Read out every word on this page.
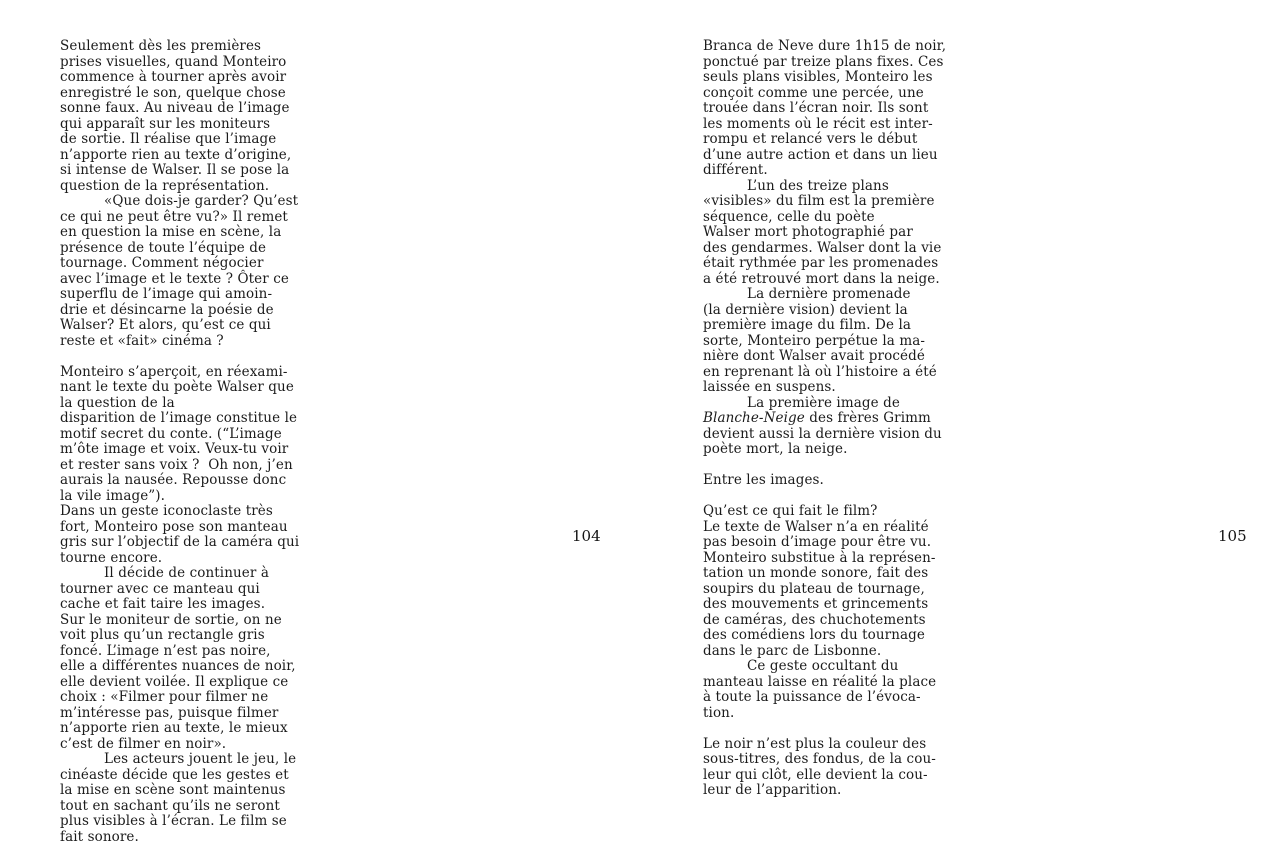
Seulement dès les premières
prises visuelles, quand Monteiro
commence à tourner après avoir
enregistré le son, quelque chose
sonne faux. Au niveau de l’image
qui apparaît sur les moniteurs
de sortie. Il réalise que l’image
n’apporte rien au texte d’origine,
si intense de Walser. Il se pose la
question de la représentation.
«Que dois-je garder? Qu’est
ce qui ne peut être vu?» Il remet
en question la mise en scène, la
présence de toute l’équipe de
tournage. Comment négocier
avec l’image et le texte ? Ôter ce
superflu de l’image qui amoin-
drie et désincarne la poésie de
Walser? Et alors, qu’est ce qui
reste et «fait» cinéma ?

Monteiro s’aperçoit, en réexami-
nant le texte du poète Walser que
la question de la
disparition de l’image constitue le
motif secret du conte. (“L’image
m’ôte image et voix. Veux-tu voir
et rester sans voix ?  Oh non, j’en
aurais la nausée. Repousse donc
la vile image”).
Dans un geste iconoclaste très
fort, Monteiro pose son manteau
gris sur l’objectif de la caméra qui
tourne encore.
Il décide de continuer à
tourner avec ce manteau qui
cache et fait taire les images.
Sur le moniteur de sortie, on ne
voit plus qu’un rectangle gris
foncé. L’image n’est pas noire,
elle a différentes nuances de noir,
elle devient voilée. Il explique ce
choix : «Filmer pour filmer ne
m’intéresse pas, puisque filmer
n’apporte rien au texte, le mieux
c’est de filmer en noir».
Les acteurs jouent le jeu, le
cinéaste décide que les gestes et
la mise en scène sont maintenus
tout en sachant qu’ils ne seront
plus visibles à l’écran. Le film se
fait sonore.
104
Branca de Neve dure 1h15 de noir,
ponctué par treize plans fixes. Ces
seuls plans visibles, Monteiro les
conçoit comme une percée, une
trouée dans l’écran noir. Ils sont
les moments où le récit est inter-
rompu et relancé vers le début
d’une autre action et dans un lieu
différent.
L’un des treize plans
«visibles» du film est la première
séquence, celle du poète
Walser mort photographié par
des gendarmes. Walser dont la vie
était rythmée par les promenades
a été retrouvé mort dans la neige.
La dernière promenade
(la dernière vision) devient la
première image du film. De la
sorte, Monteiro perpétue la ma-
nière dont Walser avait procédé
en reprenant là où l’histoire a été
laissée en suspens.
La première image de
Blanche-Neige des frères Grimm
devient aussi la dernière vision du
poète mort, la neige.

Entre les images.

Qu’est ce qui fait le film?
Le texte de Walser n’a en réalité
pas besoin d’image pour être vu.
Monteiro substitue à la représen-
tation un monde sonore, fait des
soupirs du plateau de tournage,
des mouvements et grincements
de caméras, des chuchotements
des comédiens lors du tournage
dans le parc de Lisbonne.
Ce geste occultant du
manteau laisse en réalité la place
à toute la puissance de l’évoca-
tion.

Le noir n’est plus la couleur des
sous-titres, des fondus, de la cou-
leur qui clôt, elle devient la cou-
leur de l’apparition.
105
